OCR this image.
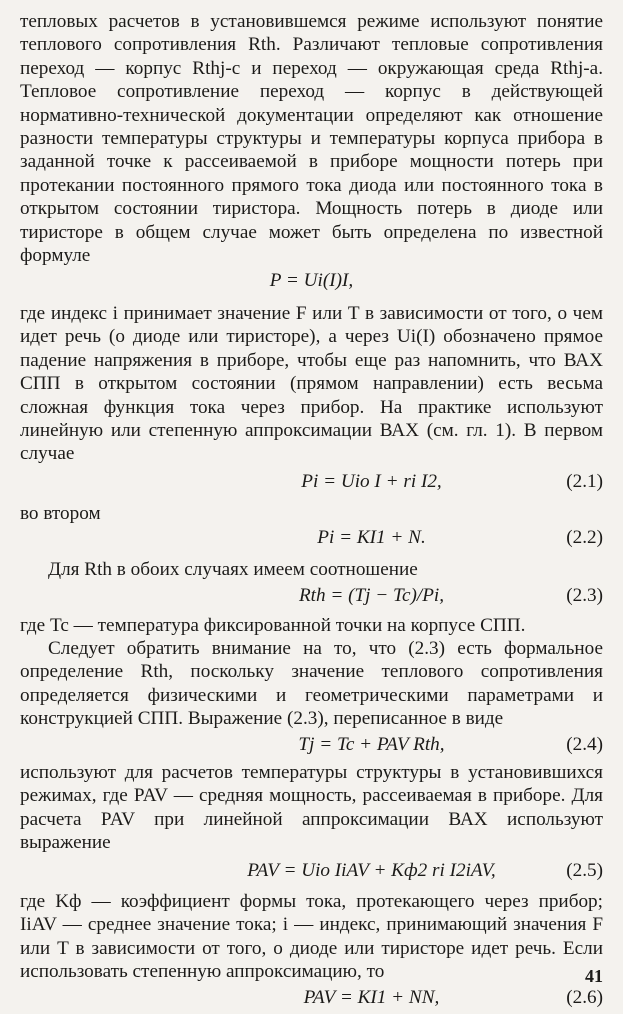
тепловых расчетов в установившемся режиме используют понятие теплового сопротивления Rth. Различают тепловые сопротивления переход — корпус Rthj-c и переход — окружающая среда Rthj-a. Тепловое сопротивление переход — корпус в действующей нормативно-технической документации определяют как отношение разности температуры структуры и температуры корпуса прибора в заданной точке к рассеиваемой в приборе мощности потерь при протекании постоянного прямого тока диода или постоянного тока в открытом состоянии тиристора. Мощность потерь в диоде или тиристоре в общем случае может быть определена по известной формуле

P = Ui(I)I,

где индекс i принимает значение F или T в зависимости от того, о чем идет речь (о диоде или тиристоре), а через Ui(I) обозначено прямое падение напряжения в приборе, чтобы еще раз напомнить, что ВАХ СПП в открытом состоянии (прямом направлении) есть весьма сложная функция тока через прибор. На практике используют линейную или степенную аппроксимации ВАХ (см. гл. 1). В первом случае

Pi = Uio I + ri I2,	(2.1)

во втором

Pi = KI1 + N.	(2.2)

Для Rth в обоих случаях имеем соотношение

Rth = (Tj − Tc)/Pi,	(2.3)

где Tc — температура фиксированной точки на корпусе СПП.

Следует обратить внимание на то, что (2.3) есть формальное определение Rth, поскольку значение теплового сопротивления определяется физическими и геометрическими параметрами и конструкцией СПП. Выражение (2.3), переписанное в виде

Tj = Tc + PAV Rth,	(2.4)

используют для расчетов температуры структуры в установившихся режимах, где PAV — средняя мощность, рассеиваемая в приборе. Для расчета PAV при линейной аппроксимации ВАХ используют выражение

PAV = Uio IiAV + Kф2 ri I2iAV,	(2.5)

где Kф — коэффициент формы тока, протекающего через прибор; IiAV — среднее значение тока; i — индекс, принимающий значения F или T в зависимости от того, о диоде или тиристоре идет речь. Если использовать степенную аппроксимацию, то

PAV = KI1 + NN,	(2.6)
41
